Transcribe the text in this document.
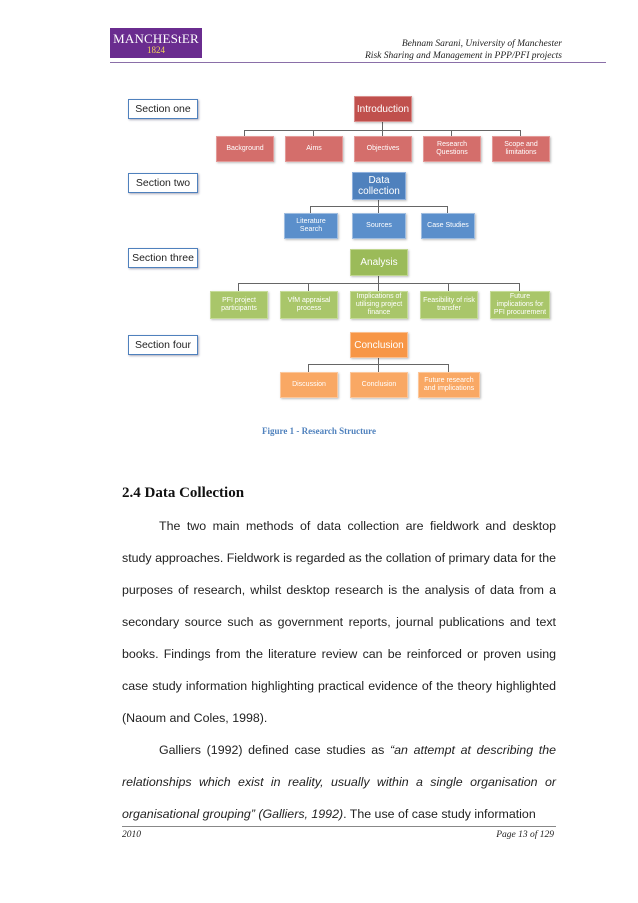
MANCHEStER
1824
Behnam Sarani, University of Manchester
Risk Sharing and Management in PPP/PFI projects
Section one
Section two
Section three
Section four
Introduction
Background	Aims	Objectives
Research Questions
Scope and limitations
Data collection
Literature Search
Sources	Case Studies
Analysis
PFI project participants
VfM appraisal process
Implications of utilising project finance
Feasibility of risk transfer
Future implications for PFI procurement
Conclusion
Discussion	Conclusion
Future research and implications
Figure 1 - Research Structure
2.4 Data Collection

The two main methods of data collection are fieldwork and desktop study approaches. Fieldwork is regarded as the collation of primary data for the purposes of research, whilst desktop research is the analysis of data from a secondary source such as government reports, journal publications and text books. Findings from the literature review can be reinforced or proven using case study information highlighting practical evidence of the theory highlighted (Naoum and Coles, 1998).

Galliers (1992) defined case studies as “an attempt at describing the relationships which exist in reality, usually within a single organisation or organisational grouping” (Galliers, 1992). The use of case study information

2010	Page 13 of 129
